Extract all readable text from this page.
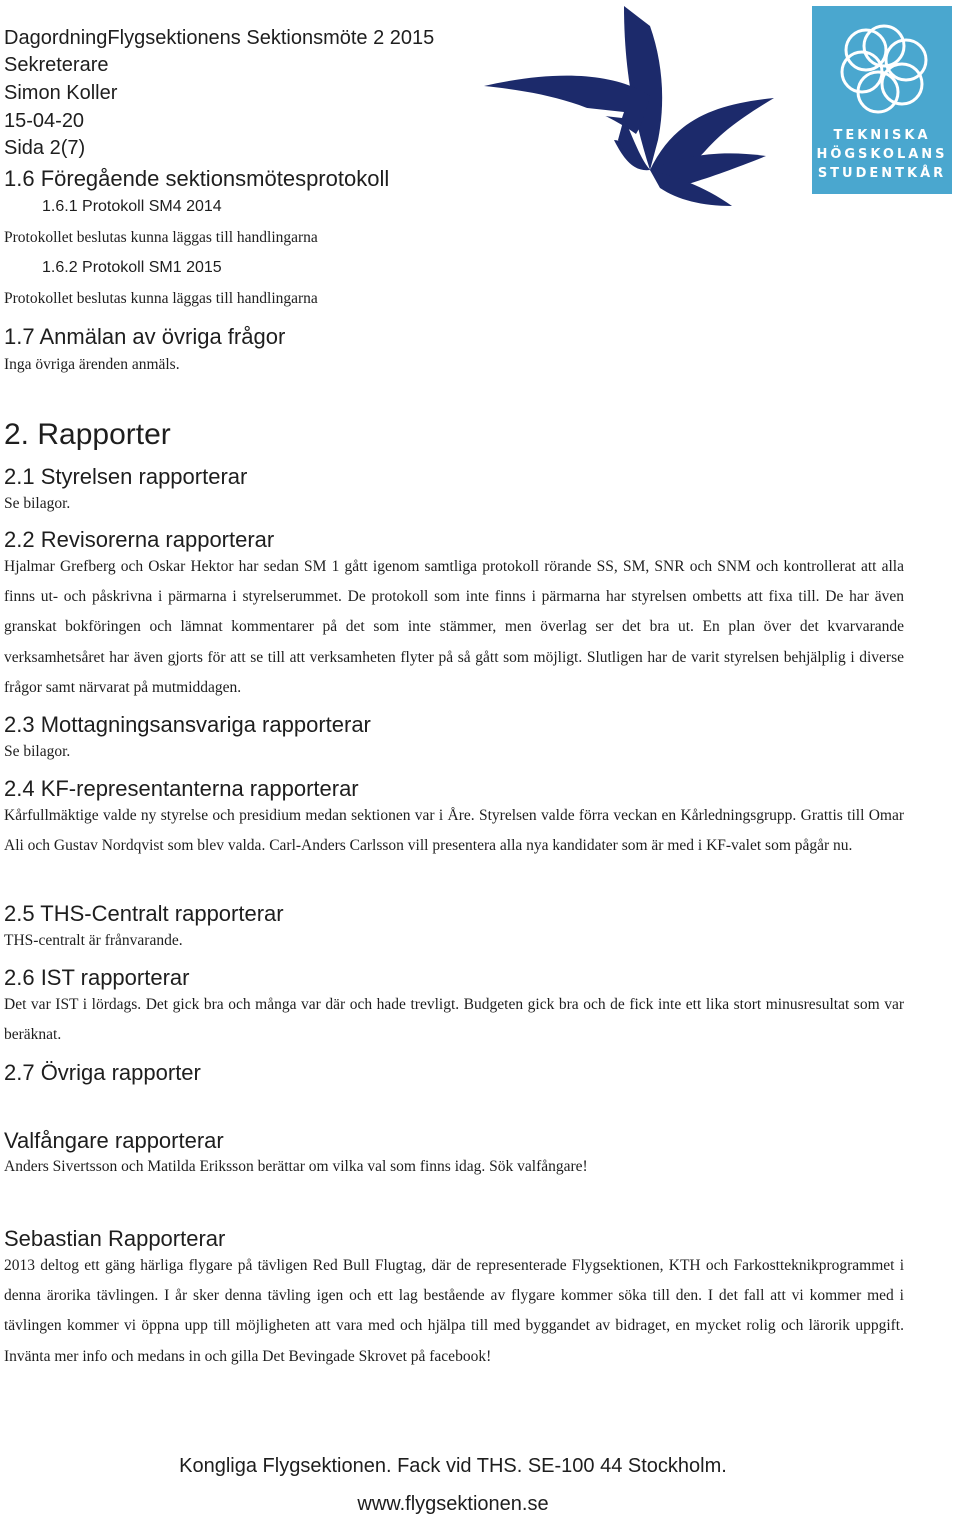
DagordningFlygsektionens Sektionsmöte 2 2015
Sekreterare
Simon Koller
15-04-20
Sida 2(7)
TEKNISKA
HÖGSKOLANS
STUDENTKÅR
1.6 Föregående sektionsmötesprotokoll
1.6.1 Protokoll SM4 2014
Protokollet beslutas kunna läggas till handlingarna
1.6.2 Protokoll SM1 2015
Protokollet beslutas kunna läggas till handlingarna
1.7 Anmälan av övriga frågor
Inga övriga ärenden anmäls.
2. Rapporter
2.1 Styrelsen rapporterar
Se bilagor.
2.2 Revisorerna rapporterar
Hjalmar Grefberg och Oskar Hektor har sedan SM 1 gått igenom samtliga protokoll rörande SS, SM, SNR och SNM och kontrollerat att alla finns ut- och påskrivna i pärmarna i styrelserummet. De protokoll som inte finns i pärmarna har styrelsen ombetts att fixa till. De har även granskat bokföringen och lämnat kommentarer på det som inte stämmer, men överlag ser det bra ut. En plan över det kvarvarande verksamhetsåret har även gjorts för att se till att verksamheten flyter på så gått som möjligt. Slutligen har de varit styrelsen behjälplig i diverse frågor samt närvarat på mutmiddagen.
2.3 Mottagningsansvariga rapporterar
Se bilagor.
2.4 KF-representanterna rapporterar
Kårfullmäktige valde ny styrelse och presidium medan sektionen var i Åre. Styrelsen valde förra veckan en Kårledningsgrupp. Grattis till Omar Ali och Gustav Nordqvist som blev valda. Carl-Anders Carlsson vill presentera alla nya kandidater som är med i KF-valet som pågår nu.
2.5 THS-Centralt rapporterar
THS-centralt är frånvarande.
2.6 IST rapporterar
Det var IST i lördags. Det gick bra och många var där och hade trevligt. Budgeten gick bra och de fick inte ett lika stort minusresultat som var beräknat.
2.7 Övriga rapporter
Valfångare rapporterar
Anders Sivertsson och Matilda Eriksson berättar om vilka val som finns idag. Sök valfångare!
Sebastian Rapporterar
2013 deltog ett gäng härliga flygare på tävligen Red Bull Flugtag, där de representerade Flygsektionen, KTH och Farkostteknikprogrammet i denna ärorika tävlingen. I år sker denna tävling igen och ett lag bestående av flygare kommer söka till den. I det fall att vi kommer med i tävlingen kommer vi öppna upp till möjligheten att vara med och hjälpa till med byggandet av bidraget, en mycket rolig och lärorik uppgift. Invänta mer info och medans in och gilla Det Bevingade Skrovet på facebook!
Kongliga Flygsektionen. Fack vid THS. SE-100 44 Stockholm.
www.flygsektionen.se
